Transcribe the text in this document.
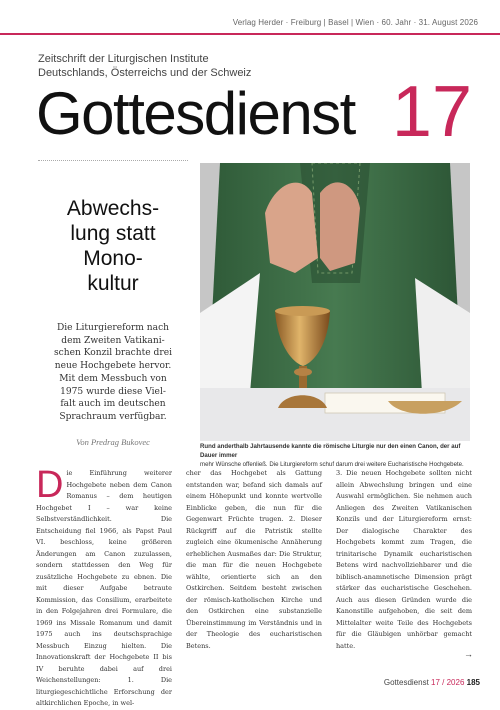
Verlag Herder · Freiburg | Basel | Wien · 60. Jahr · 31. August 2026
Zeitschrift der Liturgischen Institute
Deutschlands, Österreichs und der Schweiz
Gottesdienst 17
Abwechs-
lung statt
Mono-
kultur
Die Liturgiereform nach
dem Zweiten Vatikani-
schen Konzil brachte drei
neue Hochgebete hervor.
Mit dem Messbuch von
1975 wurde diese Viel-
falt auch im deutschen
Sprachraum verfügbar.
Von Predrag Bukovec	Rund anderthalb Jahrtausende kannte die römische Liturgie nur den einen Canon, der auf Dauer immer
mehr Wünsche offenließ. Die Liturgiereform schuf darum drei weitere Eucharistische Hochgebete.
D ie Einführung weiterer Hochgebete neben dem Canon Romanus – dem heutigen Hochgebet I – war keine Selbstverständlichkeit. Die Entscheidung fiel 1966, als Papst Paul VI. beschloss, keine größeren Änderungen am Canon zuzulassen, sondern stattdessen den Weg für zusätzliche Hochgebete zu ebnen. Die mit dieser Aufgabe betraute Kommission, das Consilium, erarbeitete in den Folgejahren drei Formulare, die 1969 ins Missale Romanum und damit 1975 auch ins deutschsprachige Messbuch Einzug hielten. Die Innovationskraft der Hochgebete II bis IV beruhte dabei auf drei Weichenstellungen: 1. Die liturgiegeschichtliche Erforschung der altkirchlichen Epoche, in wel-

cher das Hochgebet als Gattung entstanden war, befand sich damals auf einem Höhepunkt und konnte wertvolle Einblicke geben, die nun für die Gegenwart Früchte trugen. 2. Dieser Rückgriff auf die Patristik stellte zugleich eine ökumenische Annäherung erheblichen Ausmaßes dar: Die Struktur, die man für die neuen Hochgebete wählte, orientierte sich an den Ostkirchen. Seitdem besteht zwischen der römisch-katholischen Kirche und den Ostkirchen eine substanzielle Übereinstimmung im Verständnis und in der Theologie des eucharistischen Betens.

3. Die neuen Hochgebete sollten nicht allein Abwechslung bringen und eine Auswahl ermöglichen. Sie nehmen auch Anliegen des Zweiten Vatikanischen Konzils und der Liturgiereform ernst: Der dialogische Charakter des Hochgebets kommt zum Tragen, die trinitarische Dynamik eucharistischen Betens wird nachvollziehbarer und die biblisch-anamnetische Dimension prägt stärker das eucharistische Geschehen. Auch aus diesen Gründen wurde die Kanonstille aufgehoben, die seit dem Mittelalter weite Teile des Hochgebets für die Gläubigen unhörbar gemacht hatte.

→
Gottesdienst 17 / 2026 185
